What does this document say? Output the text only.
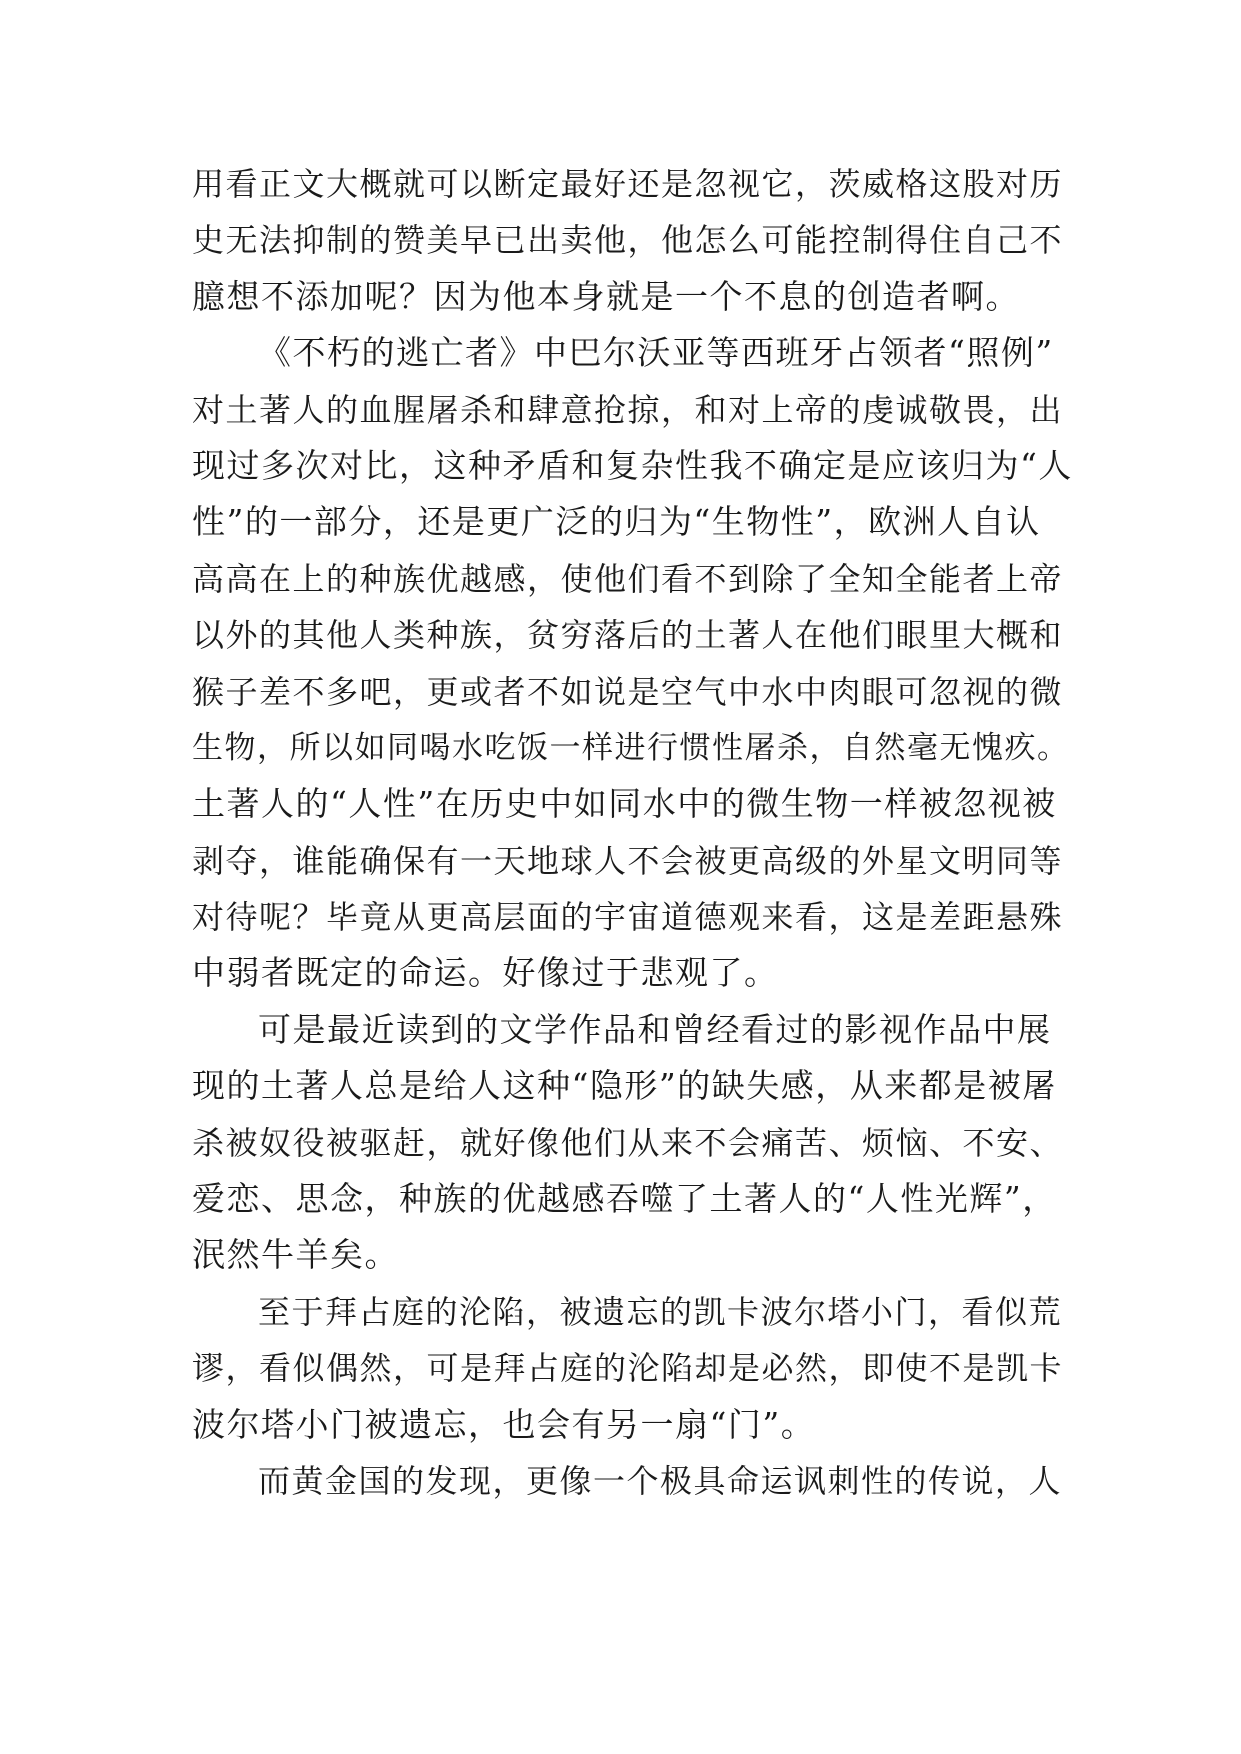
用看正文大概就可以断定最好还是忽视它，茨威格这股对历
史无法抑制的赞美早已出卖他，他怎么可能控制得住自己不
臆想不添加呢？因为他本身就是一个不息的创造者啊。
《不朽的逃亡者》中巴尔沃亚等西班牙占领者“照例”
对土著人的血腥屠杀和肆意抢掠，和对上帝的虔诚敬畏，出
现过多次对比，这种矛盾和复杂性我不确定是应该归为“人
性”的一部分，还是更广泛的归为“生物性”，欧洲人自认
高高在上的种族优越感，使他们看不到除了全知全能者上帝
以外的其他人类种族，贫穷落后的土著人在他们眼里大概和
猴子差不多吧，更或者不如说是空气中水中肉眼可忽视的微
生物，所以如同喝水吃饭一样进行惯性屠杀，自然毫无愧疚。
土著人的“人性”在历史中如同水中的微生物一样被忽视被
剥夺，谁能确保有一天地球人不会被更高级的外星文明同等
对待呢？毕竟从更高层面的宇宙道德观来看，这是差距悬殊
中弱者既定的命运。好像过于悲观了。
可是最近读到的文学作品和曾经看过的影视作品中展
现的土著人总是给人这种“隐形”的缺失感，从来都是被屠
杀被奴役被驱赶，就好像他们从来不会痛苦、烦恼、不安、
爱恋、思念，种族的优越感吞噬了土著人的“人性光辉”，
泯然牛羊矣。
至于拜占庭的沦陷，被遗忘的凯卡波尔塔小门，看似荒
谬，看似偶然，可是拜占庭的沦陷却是必然，即使不是凯卡
波尔塔小门被遗忘，也会有另一扇“门”。
而黄金国的发现，更像一个极具命运讽刺性的传说，人
